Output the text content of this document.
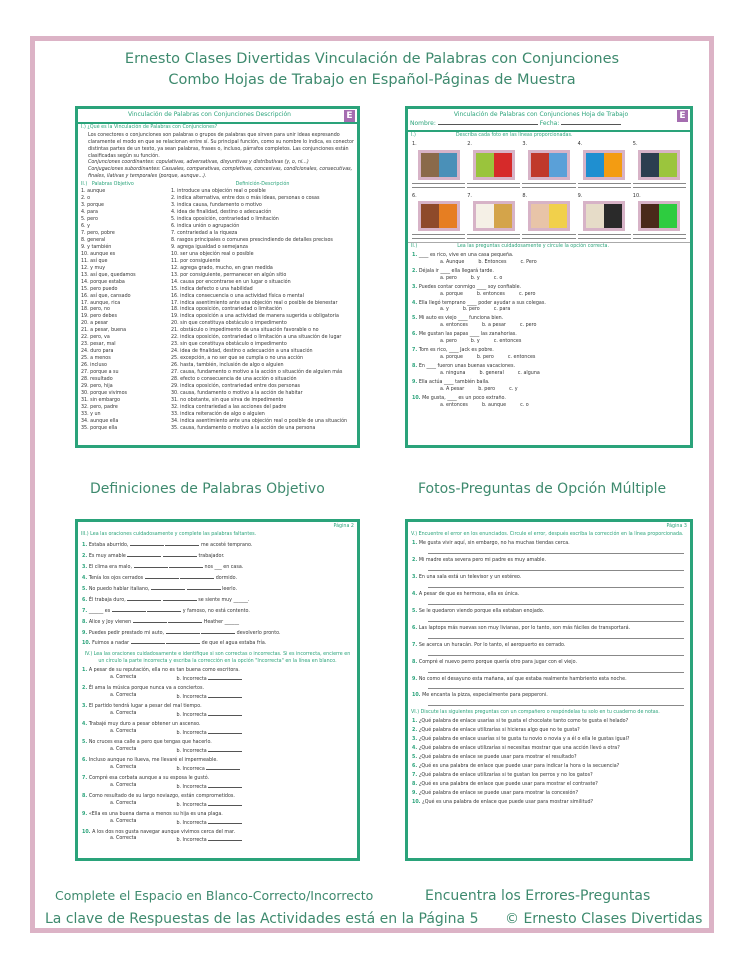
Ernesto Clases Divertidas Vinculación de Palabras con Conjunciones
Combo Hojas de Trabajo en Español-Páginas de Muestra
Vinculación de Palabras con Conjunciones Descripción	E
I.) ¿Qué es la Vinculación de Palabras con Conjunciones?
Los conectores o conjunciones son palabras o grupos de palabras que sirven para unir ideas expresando claramente el modo en que se relacionan entre sí. Su principal función, como su nombre lo indica, es conector distintas partes de un texto, ya sean palabras, frases o, incluso, párrafos completos. Las conjunciones están clasificadas según su función.
Conjunciones coordinantes: copulativas, adversativas, disyuntivas y distributivas (y, o, ni...)
Conjugaciones subordinantes: Casuales, comparativas, completivas, concesivas, condicionales, consecutivas, finales, ilativas y temporales (porque, aunque...).
II.) Palabras Objetivo	Definición-Descripción
1. aunque	1. introduce una objeción real o posible
2. o	2. indica alternativa, entre dos o más ideas, personas o cosas
3. porque	3. indica causa, fundamento o motivo
4. para	4. idea de finalidad, destino o adecuación
5. pero	5. indica oposición, contrariedad o limitación
6. y	6. indica unión o agrupación
7. pero, pobre	7. contrariedad a la riqueza
8. general	8. rasgos principales o comunes prescindiendo de detalles precisos
9. y también	9. agrega igualdad o semejanza
10. aunque es	10. ser una objeción real o posible
11. así que	11. por consiguiente
12. y muy	12. agrega grado, mucho, en gran medida
13. así que, quedamos	13. por consiguiente, permanecer en algún sitio
14. porque estaba	14. causa por encontrarse en un lugar o situación
15. pero puedo	15. indica defecto o una habilidad
16. así que, cansado	16. indica consecuencia o una actividad física o mental
17. aunque, rica	17. indica asentimiento ante una objeción real o posible de bienestar
18. pero, no	18. indica oposición, contrariedad o limitación
19. pero debes	19. indica oposición a una actividad de manera sugerida u obligatoria
20. a pesar	20. sin que constituya obstáculo o impedimento
21. a pesar, buena	21. obstáculo o impedimento de una situación favorable o no
22. pero, va	22. indica oposición, contrariedad o limitación a una situación de lugar
23. pesar, mal	23. sin que constituya obstáculo o impedimento
24. duro para	24. idea de finalidad, destino o adecuación a una situación
25. a menos	25. excepción, a no ser que se cumpla o no una acción
26. incluso	26. hasta, también, inclusión de algo o alguien
27. porque a su	27. causa, fundamento o motivo a la acción o situación de alguien más
28. resultado	28. efecto o consecuencia de una acción o situación
29. pero, hija	29. indica oposición, contrariedad entre dos personas
30. porque vivimos	30. causa, fundamento o motivo a la acción de habitar
31. sin embargo	31. no obstante, sin que sirva de impedimento
32. pero, padre	32. indica contrariedad a las acciones del padre
33. y un	33. indica reiteración de algo o alguien
34. aunque ella	34. indica asentimiento ante una objeción real o posible de una situación
35. porque ella	35. causa, fundamento o motivo a la acción de una persona
Vinculación de Palabras con Conjunciones Hoja de Trabajo
Nombre:	Fecha:
E
I.)	Describa cada foto en las líneas proporcionadas.
1.	2.	3.	4.	5.
6.	7.	8.	9.	10.
II.)	Lea las preguntas cuidadosamente y circule la opción correcta.
1. ____ es rico, vive en una casa pequeña.
a. Aunque	b. Entonces	c. Pero
2. Déjala ir ____ ella llegará tarde.
a. pero	b. y	c. o
3. Puedes contar conmigo ____ soy confiable.
a. porque	b. entonces	c. pero
4. Ella llegó temprano ____ poder ayudar a sus colegas.
a. y	b. pero	c. para
5. Mi auto es viejo ____ funciona bien.
a. entonces	b. a pesar	c. pero
6. Me gustan las papas ____ las zanahorias.
a. pero	b. y	c. entonces
7. Tom es rico, ____ Jack es pobre.
a. porque	b. pero	c. entonces
8. En ____ fueron unas buenas vacaciones.
a. ninguna	b. general	c. alguna
9. Ella actúa ____ también baila.
a. A pesar	b. pero	c. y
10. Me gusta, ____ es un poco extraño.
a. entonces	b. aunque	c. o
Definiciones de Palabras Objetivo	Fotos-Preguntas de Opción Múltiple
Página 2
III.) Lea las oraciones cuidadosamente y complete las palabras faltantes.
1. Estaba aburrido,	me acosté temprano.
2. Es muy amable	trabajador.
3. El clima era malo,	nos ___ en casa.
4. Tenía los ojos cerrados	dormido.
5. No puedo hablar italiano,	leerlo.
6. Él trabaja duro,	se siente muy ______.
7. ______ es	y famoso, no está contento.
8. Alice y Joy vienen	Heather ______
9. Puedes pedir prestado mi auto,	devolverlo pronto.
10. Fuimos a nadar	de que el agua estaba fría.
IV.) Lea las oraciones cuidadosamente e identifique si son correctas o incorrectas. Si es incorrecta, encierre en un círculo la parte incorrecta y escriba la corrección en la opción "Incorrecta" en la línea en blanco.
1. A pesar de su reputación, ella no es tan buena como escritora.
a. Correcta	b. Incorrecta
2. Él ama la música porque nunca va a conciertos.
a. Correcta	b. Incorrecta
3. El partido tendrá lugar a pesar del mal tiempo.
a. Correcta	b. Incorrecta
4. Trabajé muy duro a pesar obtener un ascenso.
a. Correcta	b. Incorrecta
5. No cruces esa calle a pero que tengas que hacerlo.
a. Correcta	b. Incorrecta
6. Incluso aunque no llueva, me llevaré el impermeable.
a. Correcta	b. Incorreca
7. Compré esa corbata aunque a su esposa le gustó.
a. Correcta	b. Incorrecta
8. Como resultado de su largo noviazgo, están comprometidos.
a. Correcta	b. Incorrecta
9. «Ella es una buena dama a menos su hija es una plaga.
a. Correcta	b. Incorrecta
10. A los dos nos gusta navegar aunque vivimos cerca del mar.
a. Correcta	b. Incorrecta
Página 3
V.) Encuentre el error en los enunciados. Circule el error, después escriba la corrección en la línea proporcionada.
1. Me gusta vivir aquí, sin embargo, no ha muchas tiendas cerca.
2. Mi madre esta severa pero mi padre es muy amable.
3. En una sala está un televisor y un estéreo.
4. A pesar de que es hermosa, ella es única.
5. Se le quedaron viendo porque ella estaban enojado.
6. Las laptops más nuevas son muy livianas, por lo tanto, son más fáciles de transportará.
7. Se acerca un huracán. Por lo tanto, el aeropuerto es cerrado.
8. Compré el nuevo perro porque quería otro para jugar con el viejo.
9. No como el desayuno esta mañana, así que estaba realmente hambriento esta noche.
10. Me encanta la pizza, especialmente para pepperoni.
VI.) Discute las siguientes preguntas con un compañero o respóndelas tu solo en tu cuaderno de notas.
1. ¿Qué palabra de enlace usarías si te gusta el chocolate tanto como te gusta el helado?
2. ¿Qué palabra de enlace utilizarías si hicieras algo que no te gusta?
3. ¿Qué palabra de enlace usarías si te gusta tu novio o novia y a él o ella le gustas igual?
4. ¿Qué palabra de enlace utilizarías si necesitas mostrar que una acción llevó a otra?
5. ¿Qué palabra de enlace se puede usar para mostrar el resultado?
6. ¿Qué es una palabra de enlace que puede usar para indicar la hora o la secuencia?
7. ¿Qué palabra de enlace utilizarías si te gustan los perros y no los gatos?
8. ¿Qué es una palabra de enlace que puede usar para mostrar el contraste?
9. ¿Qué palabra de enlace se puede usar para mostrar la concesión?
10. ¿Qué es una palabra de enlace que puede usar para mostrar similitud?
Complete el Espacio en Blanco-Correcto/Incorrecto	Encuentra los Errores-Preguntas
La clave de Respuestas de las Actividades está en la Página 5 © Ernesto Clases Divertidas
